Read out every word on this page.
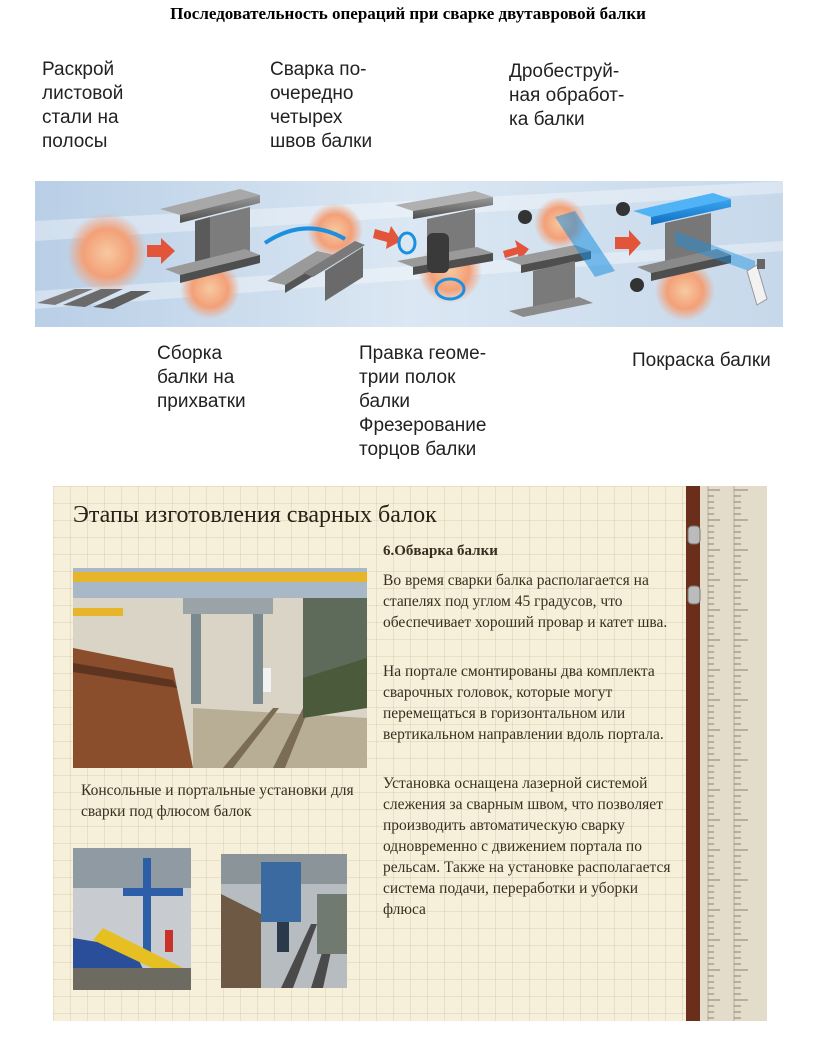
Последовательность операций при сварке двутавровой балки
Раскрой
листовой
стали на
полосы
Сварка по-
очередно
четырех
швов балки
Дробеструй-
ная обработ-
ка балки
Сборка
балки на
прихватки
Правка геоме-
трии полок
балки
Фрезерование
торцов балки
Покраска балки
Этапы изготовления сварных балок
Консольные и портальные установки для сварки под флюсом балок
6.Обварка балки
Во время сварки балка располагается на стапелях под углом 45 градусов, что обеспечивает хороший провар и катет шва.
На портале смонтированы два комплекта сварочных головок, которые могут перемещаться в горизонтальном или вертикальном направлении вдоль портала.
Установка оснащена лазерной системой слежения за сварным швом, что позволяет производить автоматическую сварку одновременно с движением портала по рельсам. Также на установке располагается система подачи, переработки и уборки флюса
